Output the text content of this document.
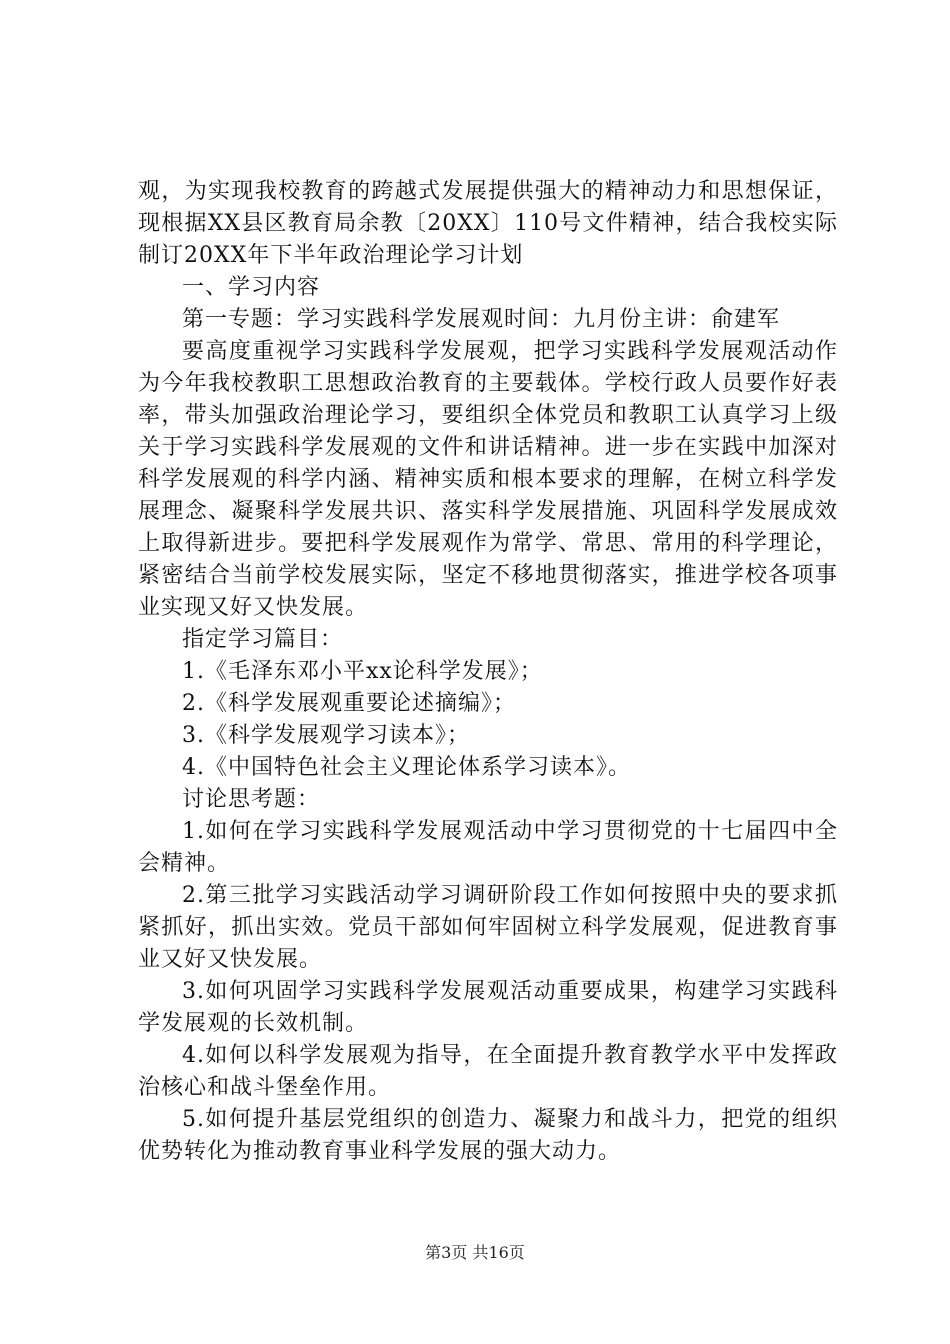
观，为实现我校教育的跨越式发展提供强大的精神动力和思想保证，现根据XX县区教育局余教〔20XX〕110号文件精神，结合我校实际制订20XX年下半年政治理论学习计划

一、学习内容

第一专题：学习实践科学发展观时间：九月份主讲：俞建军

要高度重视学习实践科学发展观，把学习实践科学发展观活动作为今年我校教职工思想政治教育的主要载体。学校行政人员要作好表率，带头加强政治理论学习，要组织全体党员和教职工认真学习上级关于学习实践科学发展观的文件和讲话精神。进一步在实践中加深对科学发展观的科学内涵、精神实质和根本要求的理解，在树立科学发展理念、凝聚科学发展共识、落实科学发展措施、巩固科学发展成效上取得新进步。要把科学发展观作为常学、常思、常用的科学理论，紧密结合当前学校发展实际，坚定不移地贯彻落实，推进学校各项事业实现又好又快发展。

指定学习篇目：

1.《毛泽东邓小平xx论科学发展》；

2.《科学发展观重要论述摘编》；

3.《科学发展观学习读本》；

4.《中国特色社会主义理论体系学习读本》。

讨论思考题：

1.如何在学习实践科学发展观活动中学习贯彻党的十七届四中全会精神。

2.第三批学习实践活动学习调研阶段工作如何按照中央的要求抓紧抓好，抓出实效。党员干部如何牢固树立科学发展观，促进教育事业又好又快发展。

3.如何巩固学习实践科学发展观活动重要成果，构建学习实践科学发展观的长效机制。

4.如何以科学发展观为指导，在全面提升教育教学水平中发挥政治核心和战斗堡垒作用。

5.如何提升基层党组织的创造力、凝聚力和战斗力，把党的组织优势转化为推动教育事业科学发展的强大动力。

第3页 共16页
